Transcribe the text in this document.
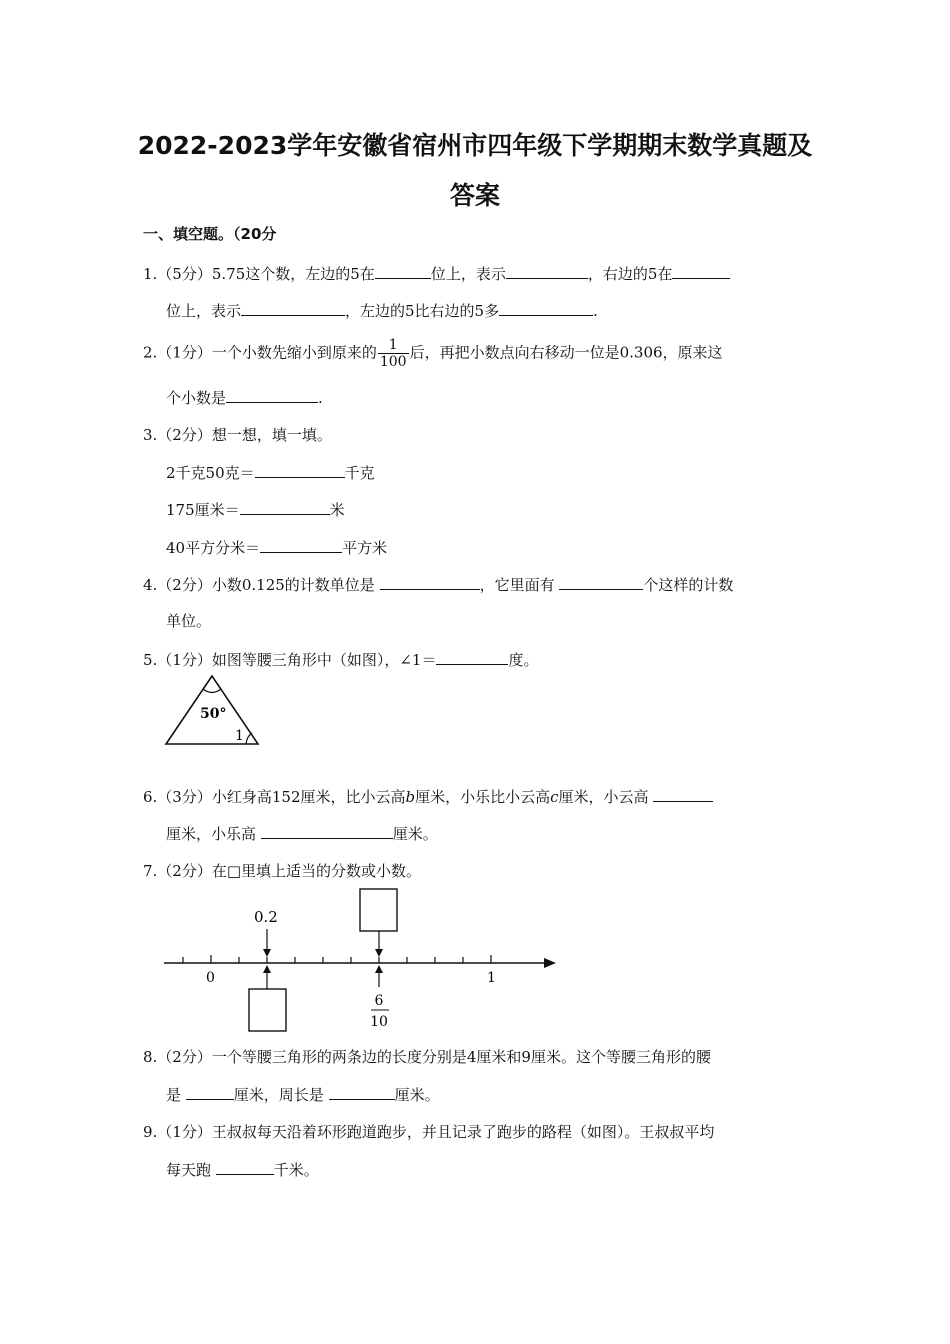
2022-2023学年安徽省宿州市四年级下学期期末数学真题及
答案
一、填空题。（20分
1.（5分）5.75这个数，左边的5在	位上，表示	，右边的5在
位上，表示	，左边的5比右边的5多	.
2.（1分）一个小数先缩小到原来的 $\frac{1}{100}$ 后，再把小数点向右移动一位是0.306，原来这
个小数是	.
3.（2分）想一想，填一填。
2千克50克＝	千克
175厘米＝	米
40平方分米＝	平方米
4.（2分）小数0.125的计数单位是	，它里面有	个这样的计数
单位。
5.（1分）如图等腰三角形中（如图），∠1＝	度。
50°
1
6.（3分）小红身高152厘米，比小云高b厘米，小乐比小云高c厘米，小云高
厘米，小乐高	厘米。
7.（2分）在□里填上适当的分数或小数。
0	1
0.2
6
10
8.（2分）一个等腰三角形的两条边的长度分别是4厘米和9厘米。这个等腰三角形的腰
是	厘米，周长是	厘米。
9.（1分）王叔叔每天沿着环形跑道跑步，并且记录了跑步的路程（如图）。王叔叔平均
每天跑	千米。
